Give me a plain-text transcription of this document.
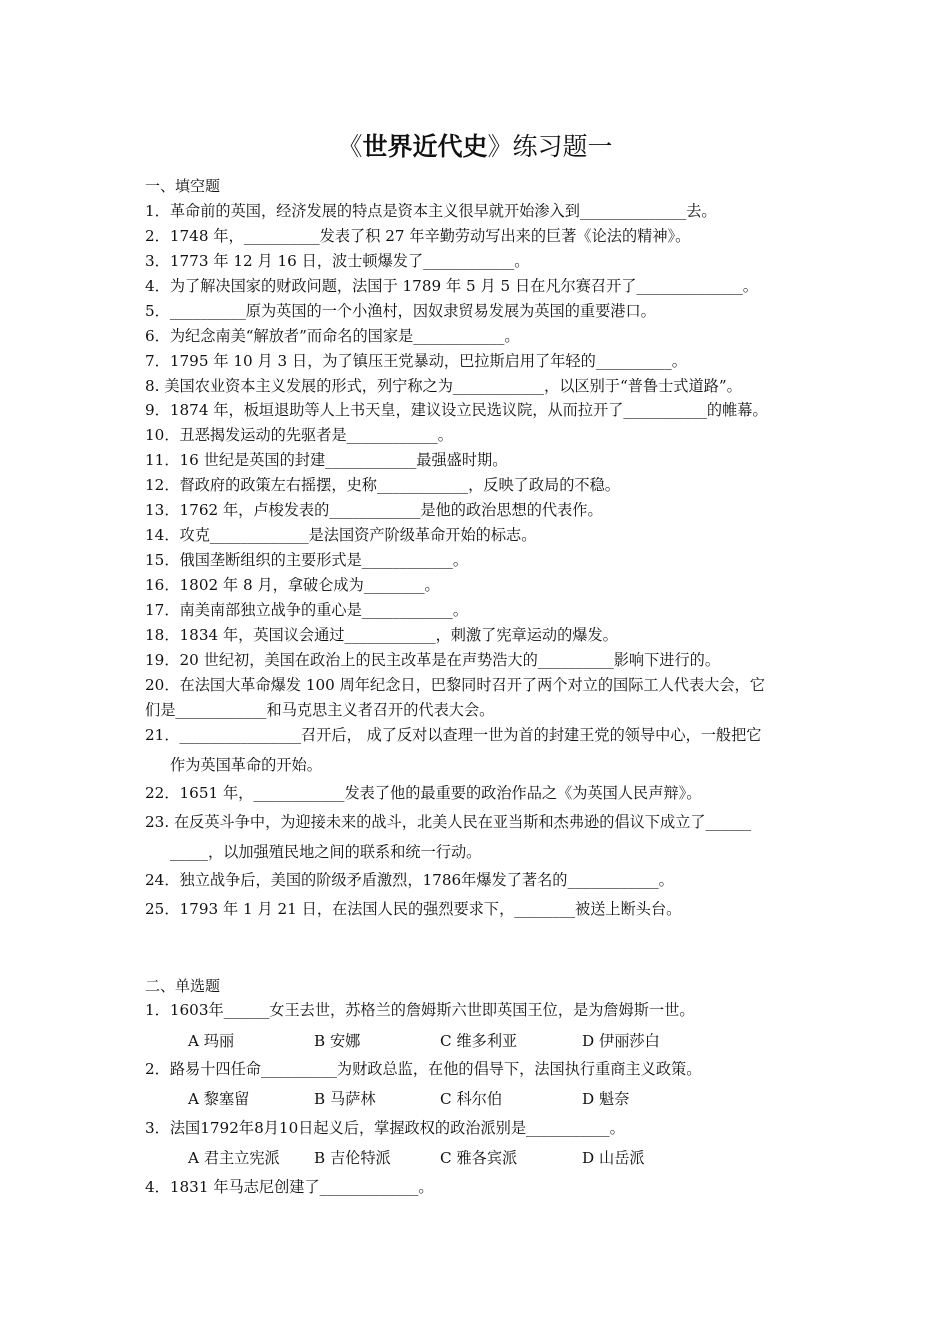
《世界近代史》练习题一
一、填空题
1．革命前的英国，经济发展的特点是资本主义很早就开始渗入到______________去。
2．1748 年，__________发表了积 27 年辛勤劳动写出来的巨著《论法的精神》。
3．1773 年 12 月 16 日，波士顿爆发了____________。
4．为了解决国家的财政问题，法国于 1789 年 5 月 5 日在凡尔赛召开了______________。
5．__________原为英国的一个小渔村，因奴隶贸易发展为英国的重要港口。
6．为纪念南美“解放者”而命名的国家是____________。
7．1795 年 10 月 3 日，为了镇压王党暴动，巴拉斯启用了年轻的__________。
8. 美国农业资本主义发展的形式，列宁称之为____________，以区别于“普鲁士式道路”。
9．1874 年，板垣退助等人上书天皇，建议设立民选议院，从而拉开了___________的帷幕。
10．丑恶揭发运动的先驱者是____________。
11．16 世纪是英国的封建____________最强盛时期。
12．督政府的政策左右摇摆，史称____________，反映了政局的不稳。
13．1762 年，卢梭发表的____________是他的政治思想的代表作。
14．攻克_____________是法国资产阶级革命开始的标志。
15．俄国垄断组织的主要形式是____________。
16．1802 年 8 月，拿破仑成为________。
17．南美南部独立战争的重心是____________。
18．1834 年，英国议会通过____________，刺激了宪章运动的爆发。
19．20 世纪初，美国在政治上的民主改革是在声势浩大的__________影响下进行的。
20．在法国大革命爆发 100 周年纪念日，巴黎同时召开了两个对立的国际工人代表大会，它
们是____________和马克思主义者召开的代表大会。
21．________________召开后， 成了反对以查理一世为首的封建王党的领导中心，一般把它
作为英国革命的开始。
22．1651 年，____________发表了他的最重要的政治作品之《为英国人民声辩》。
23. 在反英斗争中，为迎接未来的战斗，北美人民在亚当斯和杰弗逊的倡议下成立了______
_____，以加强殖民地之间的联系和统一行动。
24．独立战争后，美国的阶级矛盾激烈，1786年爆发了著名的____________。
25．1793 年 1 月 21 日，在法国人民的强烈要求下，________被送上断头台。
二、单选题
1．1603年______女王去世，苏格兰的詹姆斯六世即英国王位，是为詹姆斯一世。
A 玛丽	B 安娜	C 维多利亚	D 伊丽莎白
2．路易十四任命__________为财政总监，在他的倡导下，法国执行重商主义政策。
A 黎塞留	B 马萨林	C 科尔伯	D 魁奈
3．法国1792年8月10日起义后，掌握政权的政治派别是___________。
A 君主立宪派 B 吉伦特派	C 雅各宾派	D 山岳派
4．1831 年马志尼创建了_____________。
